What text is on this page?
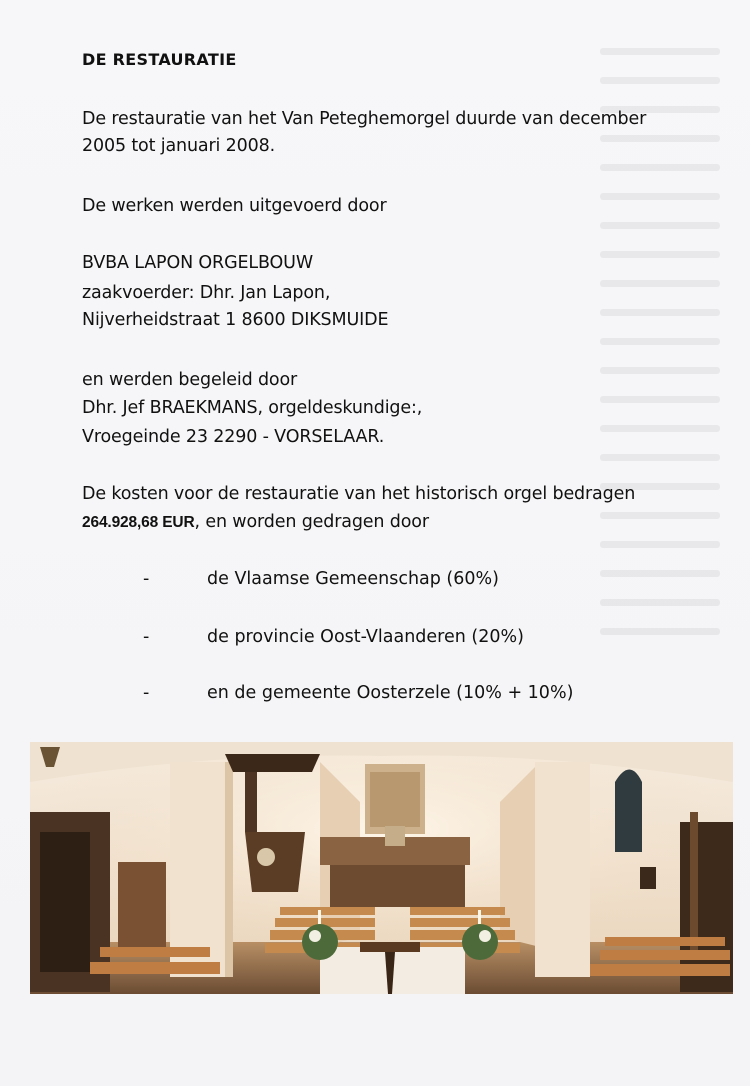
DE RESTAURATIE
De restauratie van het Van Peteghemorgel duurde van december
2005 tot januari 2008.
De werken werden uitgevoerd door
BVBA LAPON ORGELBOUW
zaakvoerder: Dhr. Jan Lapon,
Nijverheidstraat 1 8600 DIKSMUIDE
en werden begeleid door
Dhr. Jef BRAEKMANS, orgeldeskundige:,
Vroegeinde 23 2290 - VORSELAAR.
De kosten voor de restauratie van het historisch orgel bedragen
264.928,68 EUR, en worden gedragen door
-	de Vlaamse Gemeenschap (60%)
-	de provincie Oost-Vlaanderen (20%)
-	en de gemeente Oosterzele (10% + 10%)
